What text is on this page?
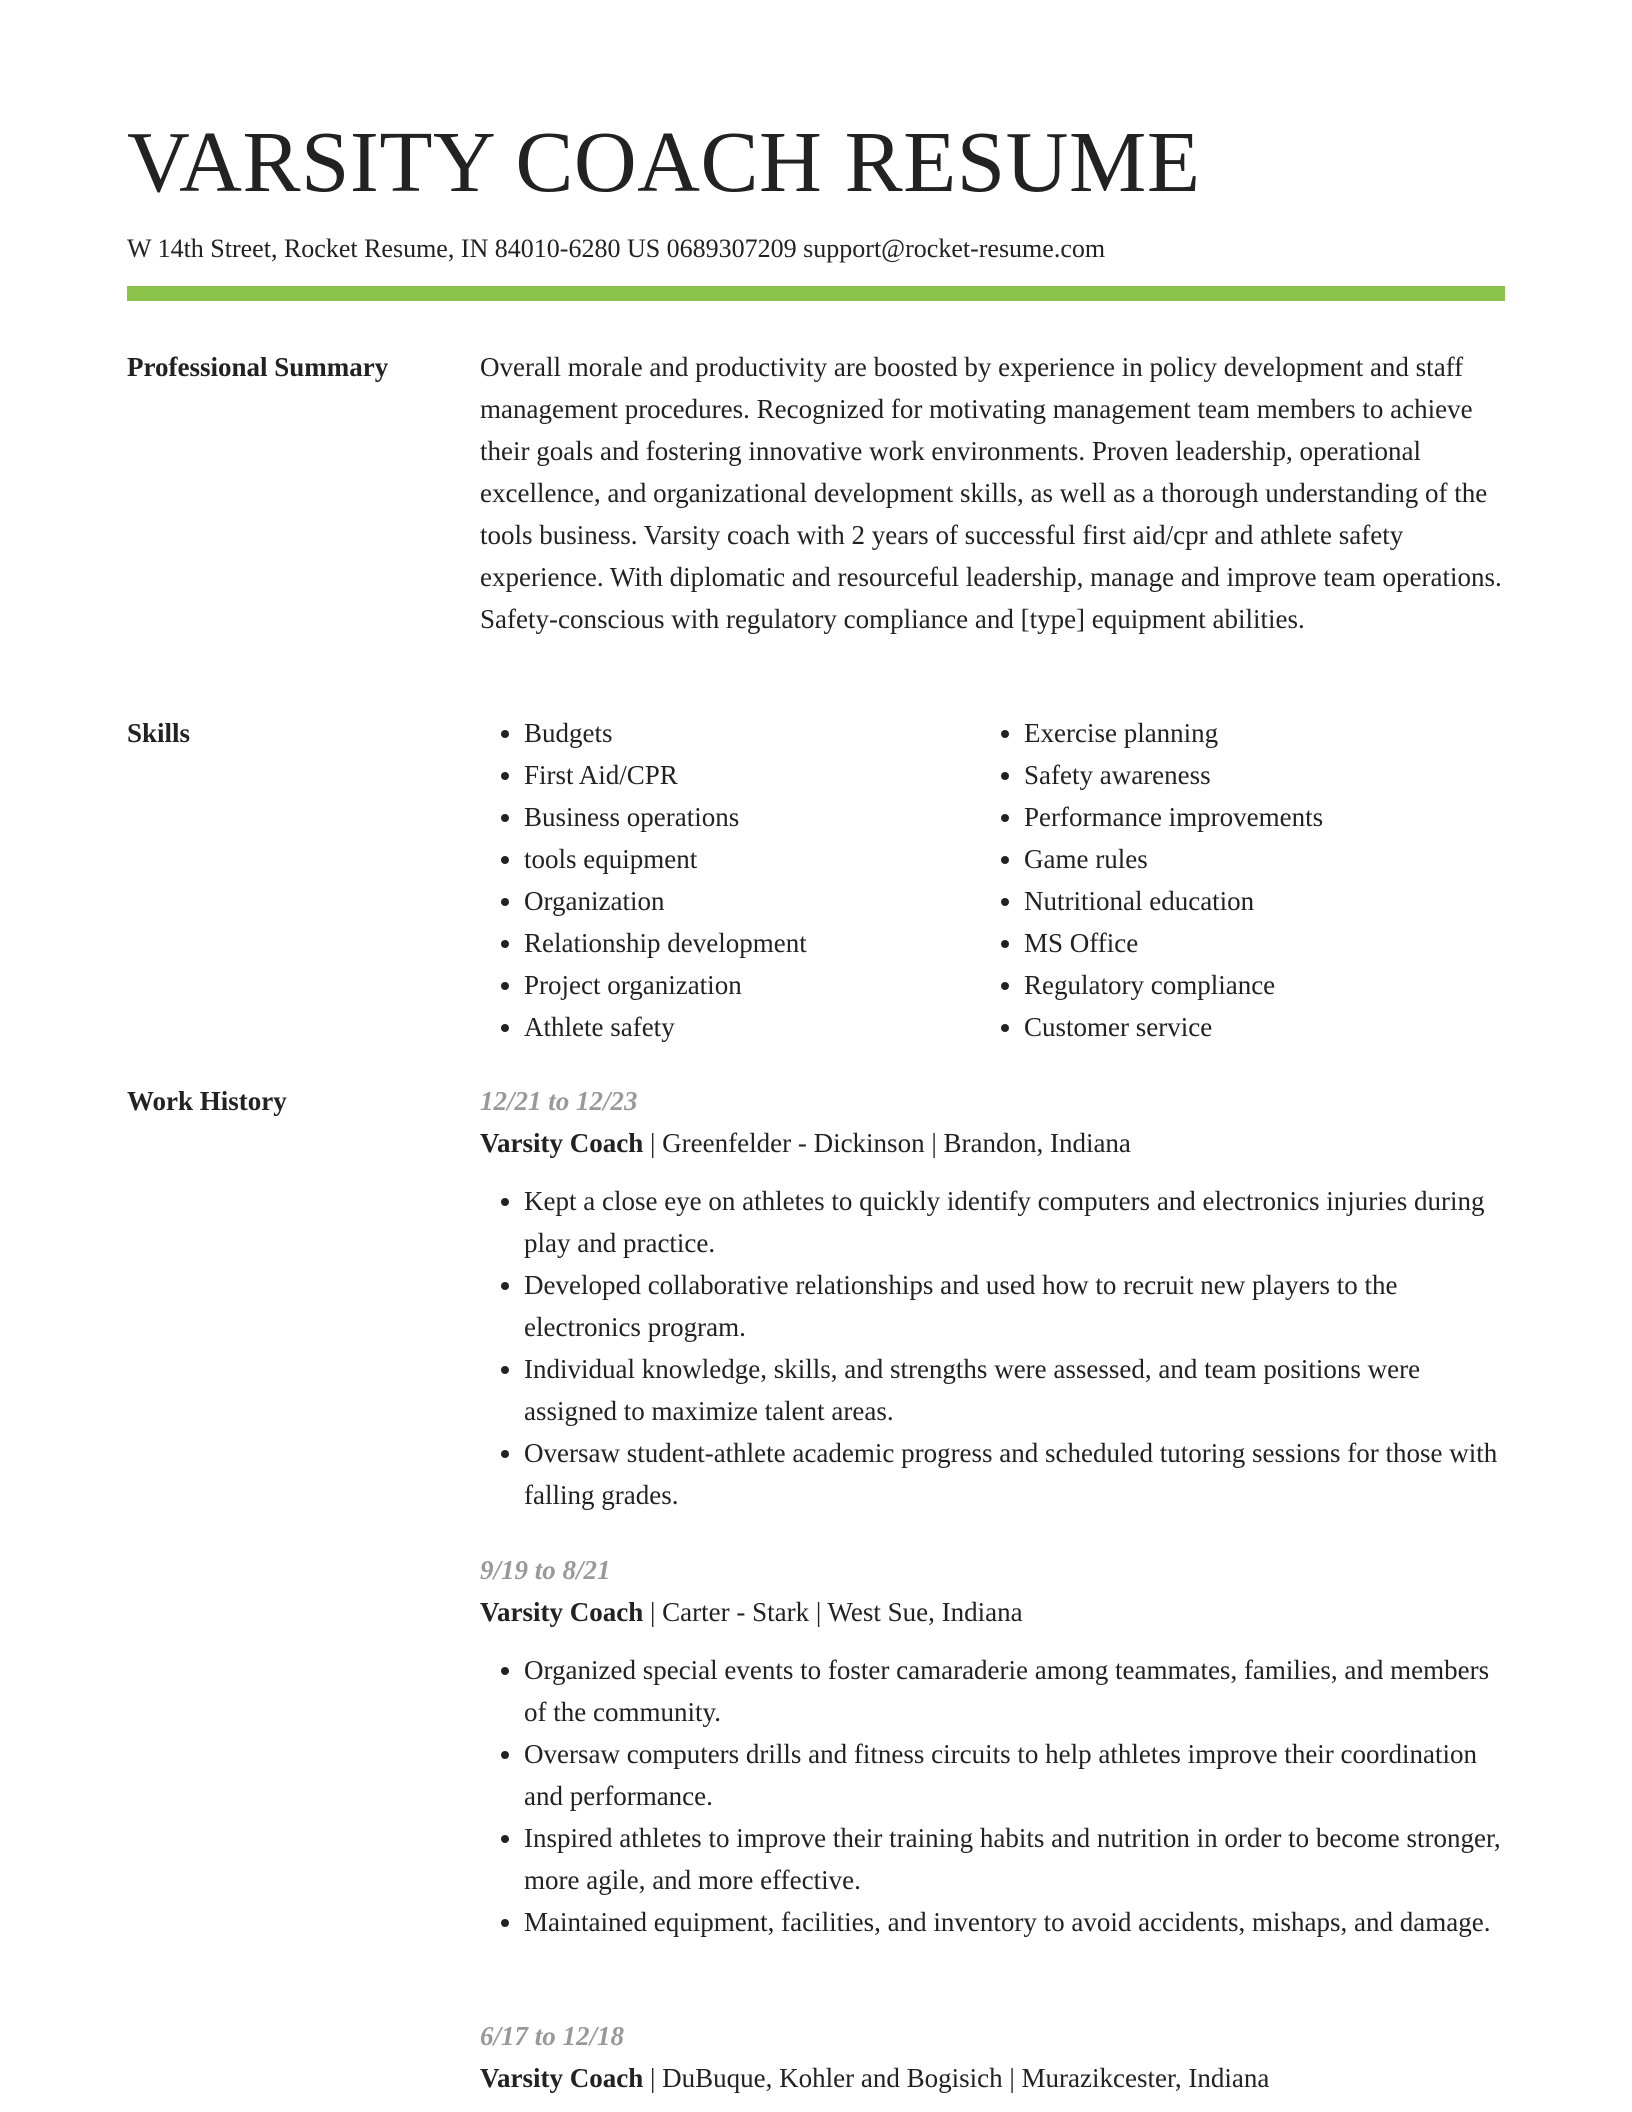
VARSITY COACH RESUME
W 14th Street, Rocket Resume, IN 84010-6280 US 0689307209 support@rocket-resume.com
Professional Summary	Overall morale and productivity are boosted by experience in policy development and staff management procedures. Recognized for motivating management team members to achieve their goals and fostering innovative work environments. Proven leadership, operational excellence, and organizational development skills, as well as a thorough understanding of the tools business. Varsity coach with 2 years of successful first aid/cpr and athlete safety experience. With diplomatic and resourceful leadership, manage and improve team operations. Safety-conscious with regulatory compliance and [type] equipment abilities.

Skills
•	Budgets
• First Aid/CPR
• Business operations
• tools equipment
• Organization
• Relationship development
• Project organization
• Athlete safety
• Exercise planning
• Safety awareness
• Performance improvements
• Game rules
• Nutritional education
• MS Office
• Regulatory compliance
• Customer service
Work History	12/21 to 12/23
Varsity Coach | Greenfelder - Dickinson | Brandon, Indiana
• Kept a close eye on athletes to quickly identify computers and electronics injuries during play and practice.
• Developed collaborative relationships and used how to recruit new players to the electronics program.
• Individual knowledge, skills, and strengths were assessed, and team positions were assigned to maximize talent areas.
• Oversaw student-athlete academic progress and scheduled tutoring sessions for those with falling grades.
9/19 to 8/21
Varsity Coach | Carter - Stark | West Sue, Indiana
• Organized special events to foster camaraderie among teammates, families, and members of the community.
• Oversaw computers drills and fitness circuits to help athletes improve their coordination and performance.
• Inspired athletes to improve their training habits and nutrition in order to become stronger, more agile, and more effective.
• Maintained equipment, facilities, and inventory to avoid accidents, mishaps, and damage.
6/17 to 12/18
Varsity Coach | DuBuque, Kohler and Bogisich | Murazikcester, Indiana
